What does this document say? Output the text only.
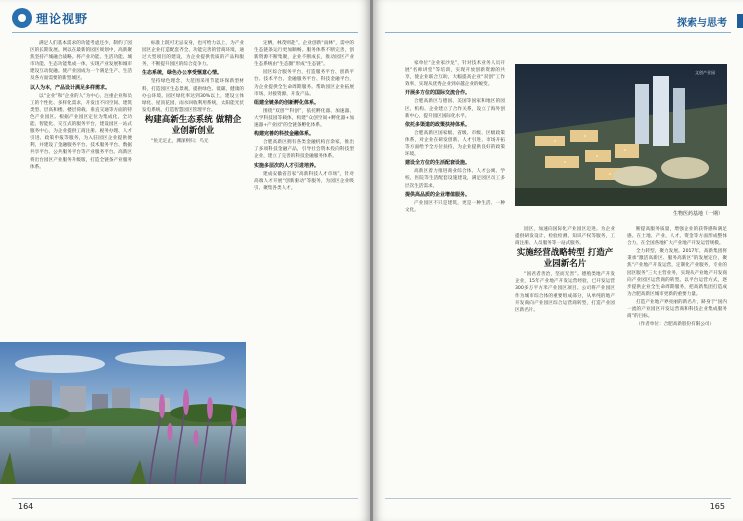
理论视野

满足人们基本需求的功能考虑还少，制约了园区的长期发展。网以在最新的园区规划中，高新聚焦坚持产城融合战略。将产业功能、生活功能、城市功能、生态功能集成一体，实现产业发展和城市建设互动促融。使产业园成为一个满足生产、生活及各方面需要的新型城区。

以人为本，产品设计满足多样需求。

以“企业”和“企业的人”为中心，注重企业和员工的个性化、多样化需求，开发出不同空间、建筑类型、层高和楼、楼层荷载、垂直交通等方面的特色产业园区。根据产业园区定位为集成化、全功能、智能化、交互式的服务平台，建设园区一站式服务中心，为企业提供工商注册、税务办理、人才引进、政策申报等服务，为入驻园区企业提供便利，并建设了金融服务平台、技术服务平台、数据共享平台、公共服务平台等产业服务平台。高新区将出台园区产业服务升级版，打造全链条产业服务体系。

标准上既可无忌安身，也可给力以上，为产业园区企业打造配套齐全、功能完善的营商环境，通过大型项目的建设，为企业提供优质的产品和服务，不断提升园区的综合竞争力。

生态系统，绿色办公享受惬意心情。

坚持绿色理念，大范围采用节能环保新型材料，打造园区生态景观，提供绿色、低碳、健康的办公环境。园区绿化率达到30%以上，建设立体绿化、屋顶花园，雨水回收利用系统，太阳能光伏发电系统，打造智慧园区管理平台。

构建高新生态系统 做精企业创新创业

“鱼无定止，渊深则归；鸟无

定栖，林茂则赴”。企业创新“雨林”，需中的生态链条运行更加顺畅。服务体系不断完善，创新资源不断集聚，企业不断成长，推动园区产业生态系统由“生态圈”形成“生态链”。

园区综合服务平台，打造服务平台、创新平台、技术平台、金融服务平台、科技金融平台，为企业提供全生命周期服务。帮助园区企业拓展市场、对接资源、开发产品。

组建全链条的创新孵化体系。

围绕“双创”“科创”，依托孵化器、加速器、大学科技园等载体，构建“众创空间+孵化器+加速器+产业园”的全链条孵化体系。

构建完善的科技金融体系。

合肥高新区拥有各类金融机构百余家，推出了多项科技金融产品，引导社会资本投向科技型企业，建立了完善的科技金融服务体系。

实施多层次的人才引进培养。

建成安徽省首家“高新科技人才市场”，针对高端人才开展“创新驱动”等服务，为园区企业吸引、聚集各类人才。

164
探索与思考

家单位“企业家沙龙”，针对技术业务人员开展“名师讲堂”等培训，实现开放创新资源的共享，使企业联合互助，大幅提高企业“双创”工作效率，实现从优秀企业到卓越企业的蜕变。

开展多方位的国际交流合作。

合肥高新区与德国、美国等国家和地区的园区、机构、企业建立了合作关系，设立了海外创新中心，提升园区国际化水平。

依托多渠道的政策扶持体系。

合肥高新区国家级、省级、市级、区级政策体系，对企业在研发创新、人才引进、市场开拓等方面给予全方位扶持，为企业提供良好的政策环境。

建设全方位的生活配套设施。

高新区着力推进商业综合体、人才公寓、学校、医院等生活配套设施建设，满足园区员工多层次生活需求。

提供高品质的企业增值服务。

产业园区不只是建筑，更是一种生活、一种文化。

文创产业园
生物医药基地（一期）

园区，加速向国际化产业园区迈进。为企业提供研发设计、检验检测、知识产权等服务，工商注册、人员服务等一站式服务。

实施经营战略转型 打造产业园新名片

“国君者善治，坚而无害”。德殖类地产开发企业，15年产业地产开发运营经验，已开发运营300多万平方米产业园区项目。公司将产业园区作为城市综合体的重要组成部分，从单纯的地产开发商向产业园区综合运营商转型，打造产业园区新名片。

断提高服务质量，增强企业的获得感和满足感。在土地、产业、人才、资金等方面形成整体合力，在全国各地扩大产业地产开发运营规模。

全力转型，聚力发展。2017年，高新集团将秉承“激活高新区、服务高新区”的发展定位，聚焦“产业地产开发运营，定制化产业服务，专业的园区服务”三大主营业务，实现从产业地产开发商向产业园区运营商的转型。以平台运营方式，逐步提供企业全生命周期服务，把高新集团打造成为合肥高新区城市更新的重要力量。

打造产业地产界亮丽的新名片，跻身于“国内一流的产业园区开发运营商和科技企业集成服务商”的目标。

（作者单位：合肥高新股份有限公司）

165
